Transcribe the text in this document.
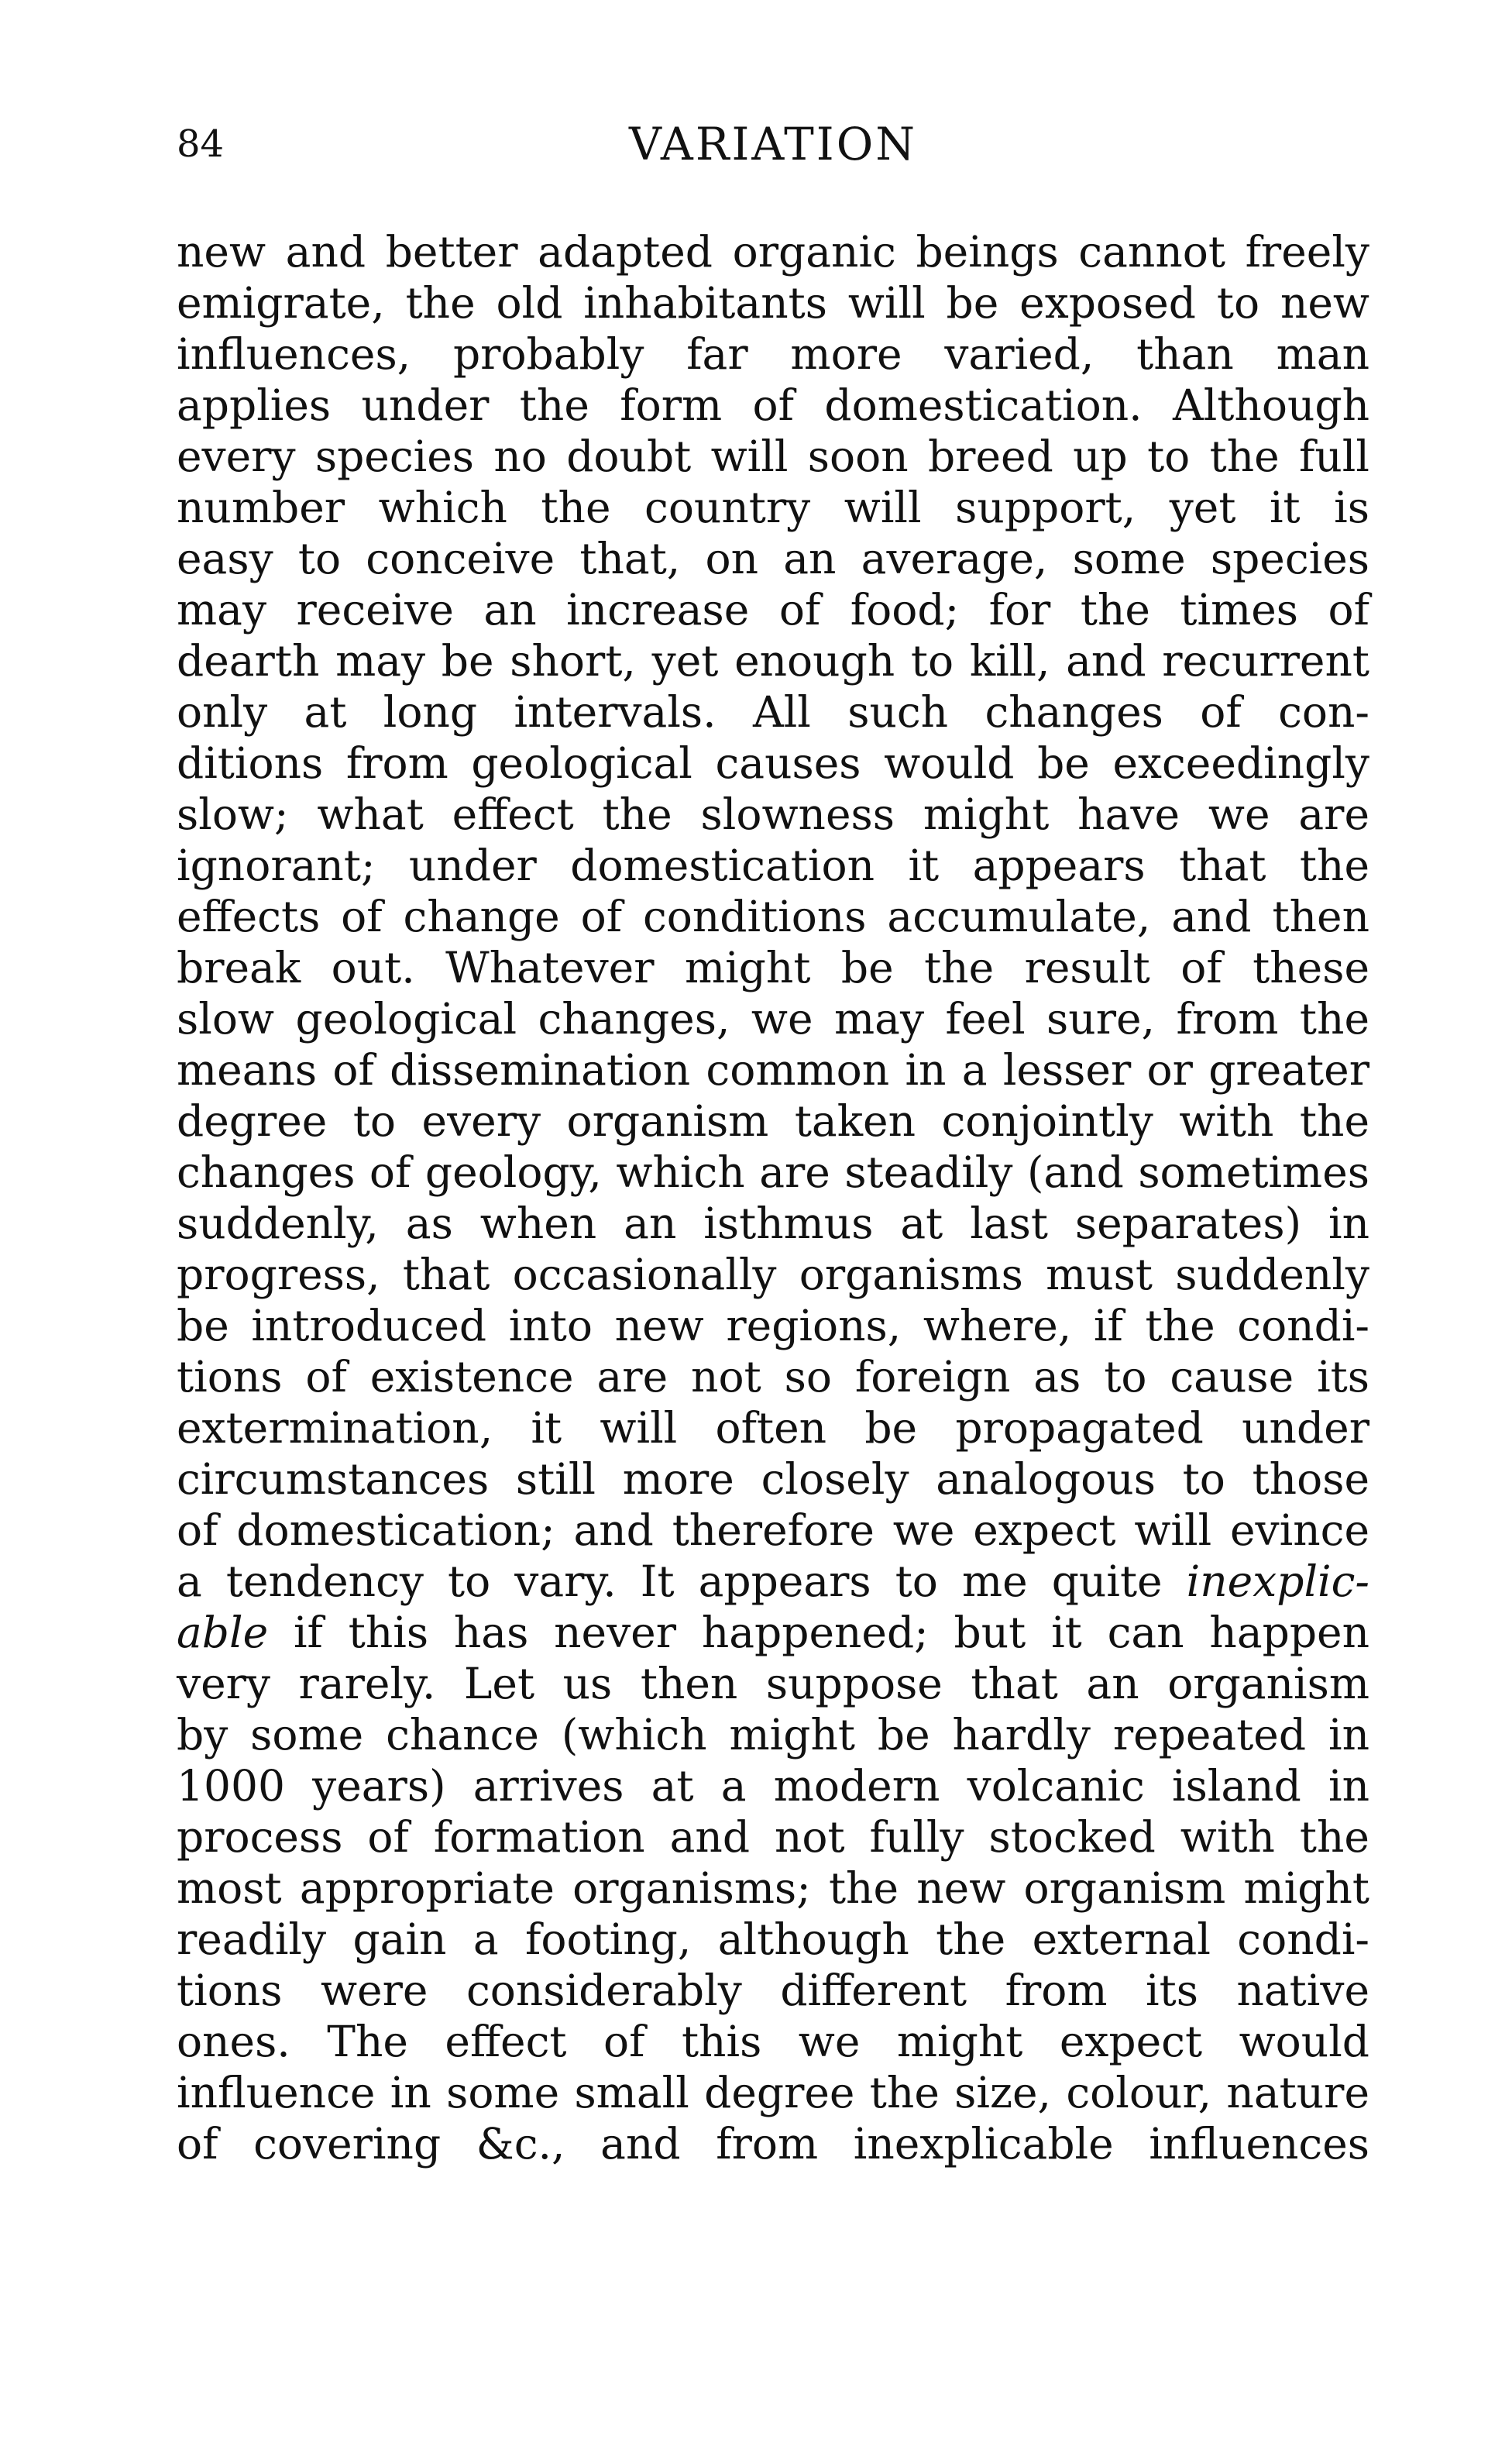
84	VARIATION
new and better adapted organic beings cannot freely
emigrate, the old inhabitants will be exposed to new
influences, probably far more varied, than man
applies under the form of domestication. Although
every species no doubt will soon breed up to the full
number which the country will support, yet it is
easy to conceive that, on an average, some species
may receive an increase of food; for the times of
dearth may be short, yet enough to kill, and recurrent
only at long intervals. All such changes of con-
ditions from geological causes would be exceedingly
slow; what effect the slowness might have we are
ignorant; under domestication it appears that the
effects of change of conditions accumulate, and then
break out. Whatever might be the result of these
slow geological changes, we may feel sure, from the
means of dissemination common in a lesser or greater
degree to every organism taken conjointly with the
changes of geology, which are steadily (and sometimes
suddenly, as when an isthmus at last separates) in
progress, that occasionally organisms must suddenly
be introduced into new regions, where, if the condi-
tions of existence are not so foreign as to cause its
extermination, it will often be propagated under
circumstances still more closely analogous to those
of domestication; and therefore we expect will evince
a tendency to vary. It appears to me quite inexplic-
able if this has never happened; but it can happen
very rarely. Let us then suppose that an organism
by some chance (which might be hardly repeated in
1000 years) arrives at a modern volcanic island in
process of formation and not fully stocked with the
most appropriate organisms; the new organism might
readily gain a footing, although the external condi-
tions were considerably different from its native
ones. The effect of this we might expect would
influence in some small degree the size, colour, nature
of covering &c., and from inexplicable influences
